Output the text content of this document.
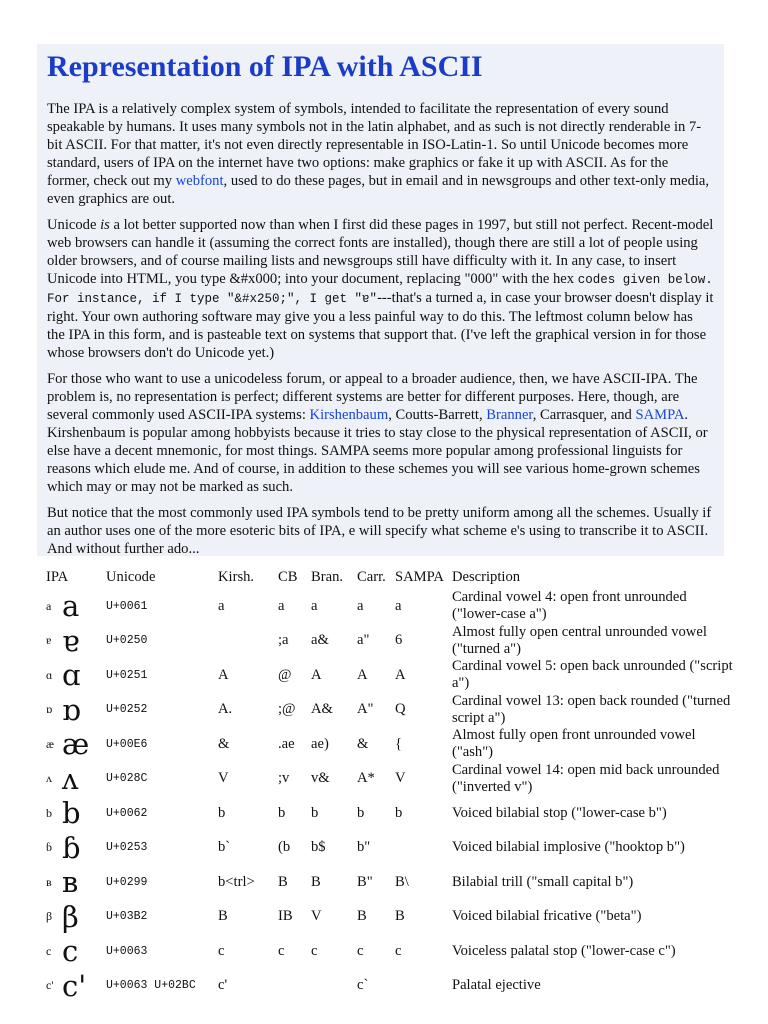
Representation of IPA with ASCII

The IPA is a relatively complex system of symbols, intended to facilitate the representation of every sound speakable by humans. It uses many symbols not in the latin alphabet, and as such is not directly renderable in 7-bit ASCII. For that matter, it's not even directly representable in ISO-Latin-1. So until Unicode becomes more standard, users of IPA on the internet have two options: make graphics or fake it up with ASCII. As for the former, check out my webfont, used to do these pages, but in email and in newsgroups and other text-only media, even graphics are out.

Unicode is a lot better supported now than when I first did these pages in 1997, but still not perfect. Recent-model web browsers can handle it (assuming the correct fonts are installed), though there are still a lot of people using older browsers, and of course mailing lists and newsgroups still have difficulty with it. In any case, to insert Unicode into HTML, you type &#x000; into your document, replacing "000" with the hex codes given below. For instance, if I type "&#x250;", I get "ɐ"---that's a turned a, in case your browser doesn't display it right. Your own authoring software may give you a less painful way to do this. The leftmost column below has the IPA in this form, and is pasteable text on systems that support that. (I've left the graphical version in for those whose browsers don't do Unicode yet.)

For those who want to use a unicodeless forum, or appeal to a broader audience, then, we have ASCII-IPA. The problem is, no representation is perfect; different systems are better for different purposes. Here, though, are several commonly used ASCII-IPA systems: Kirshenbaum, Coutts-Barrett, Branner, Carrasquer, and SAMPA. Kirshenbaum is popular among hobbyists because it tries to stay close to the physical representation of ASCII, or else have a decent mnemonic, for most things. SAMPA seems more popular among professional linguists for reasons which elude me. And of course, in addition to these schemes you will see various home-grown schemes which may or may not be marked as such.

But notice that the most commonly used IPA symbols tend to be pretty uniform among all the schemes. Usually if an author uses one of the more esoteric bits of IPA, e will specify what scheme e's using to transcribe it to ASCII. And without further ado...

IPA	Unicode	Kirsh.	CB	Bran.	Carr.	SAMPA	Description
a a	U+0061	a	a	a	a	a	Cardinal vowel 4: open front unrounded ("lower-case a")
ɐ ɐ	U+0250		;a	a&	a"	6	Almost fully open central unrounded vowel ("turned a")
ɑ ɑ	U+0251	A	@	A	A	A	Cardinal vowel 5: open back unrounded ("script a")
ɒ ɒ	U+0252	A.	;@	A&	A"	Q	Cardinal vowel 13: open back rounded ("turned script a")
æ æ	U+00E6	&	.ae	ae)	&	{	Almost fully open front unrounded vowel ("ash")
ʌ ʌ	U+028C	V	;v	v&	A*	V	Cardinal vowel 14: open mid back unrounded ("inverted v")
b b	U+0062	b	b	b	b	b	Voiced bilabial stop ("lower-case b")
ɓ ɓ	U+0253	b`	(b	b$	b"		Voiced bilabial implosive ("hooktop b")
ʙ ʙ	U+0299	b<trl>	B	B	B"	B\	Bilabial trill ("small capital b")
β β	U+03B2	B	IB	V	B	B	Voiced bilabial fricative ("beta")
c c	U+0063	c	c	c	c	c	Voiceless palatal stop ("lower-case c")
c' c'	U+0063 U+02BC	c'			c`		Palatal ejective
